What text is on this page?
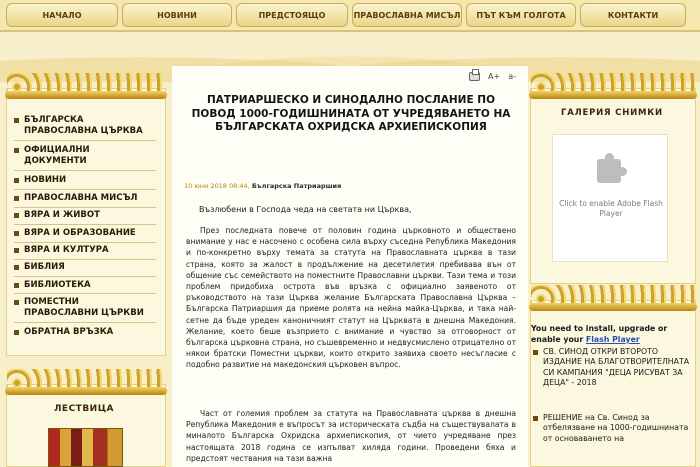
НАЧАЛО	НОВИНИ	ПРЕДСТОЯЩО	ПРАВОСЛАВНА МИСЪЛ	ПЪТ КЪМ ГОЛГОТА	КОНТАКТИ
БЪЛГАРСКА ПРАВОСЛАВНА ЦЪРКВА
ОФИЦИАЛНИ ДОКУМЕНТИ
НОВИНИ
ПРАВОСЛАВНА МИСЪЛ
ВЯРА И ЖИВОТ
ВЯРА И ОБРАЗОВАНИЕ
ВЯРА И КУЛТУРА
БИБЛИЯ
БИБЛИОТЕКА
ПОМЕСТНИ ПРАВОСЛАВНИ ЦЪРКВИ
ОБРАТНА ВРЪЗКА
ЛЕСТВИЦА
A+ a-
ПАТРИАРШЕСКО И СИНОДАЛНО ПОСЛАНИЕ ПО ПОВОД 1000-ГОДИШНИНАТА ОТ УЧРЕДЯВАНЕТО НА БЪЛГАРСКАТА ОХРИДСКА АРХИЕПИСКОПИЯ
10 юни 2018 08:44, Българска Патриаршия
Възлюбени в Господа чеда на светата ни Църква,
През последната повече от половин година църковното и обществено внимание у нас е насочено с особена сила върху съседна Република Македония и по-конкретно върху темата за статута на Православната църква в тази страна, която за жалост в продължение на десетилетия пребивава вън от общение със семейството на поместните Православни църкви. Тази тема и този проблем придобиха острота във връзка с официално заявеното от ръководството на тази Църква желание Българската Православна Църква – Българска Патриаршия да приеме ролята на нейна майка-Църква, и така най-сетне да бъде уреден каноничният статут на Църквата в днешна Македония. Желание, което беше възприето с внимание и чувство за отговорност от българска църковна страна, но съшевременно и недвусмислено отрицателно от някои братски Поместни църкви, които открито заявиха своето несъгласие с подобно развитие на македонския църковен въпрос.
Част от големия проблем за статута на Православната църква в днешна Република Македония е въпросът за историческата съдба на съществувалата в миналото Българска Охридска архиепископия, от чието учредяване през настоящата 2018 година се изпълват хиляда години. Проведени бяха и предстоят чествания на тази важна
ГАЛЕРИЯ СНИМКИ
Click to enable Adobe Flash Player
You need to install, upgrade or enable your Flash Player
СВ. СИНОД ОТКРИ ВТОРОТО ИЗДАНИЕ НА БЛАГОТВОРИТЕЛНАТА СИ КАМПАНИЯ "ДЕЦА РИСУВАТ ЗА ДЕЦА" - 2018
РЕШЕНИЕ на Св. Синод за отбелязване на 1000-годишнината от основаването на
